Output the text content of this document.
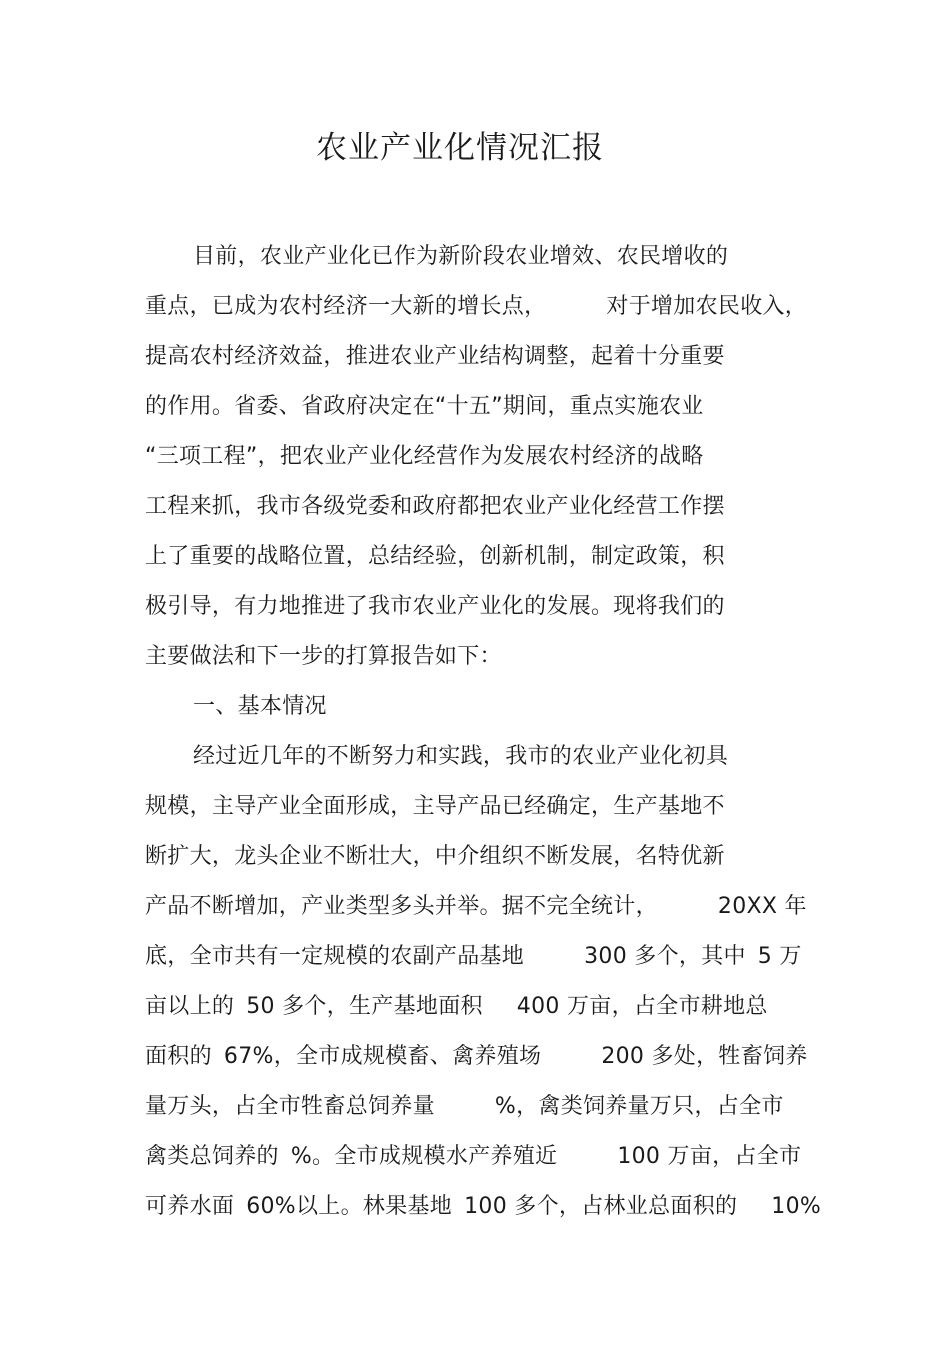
农业产业化情况汇报
目前，农业产业化已作为新阶段农业增效、农民增收的
重点，已成为农村经济一大新的增长点，	对于增加农民收入，
提高农村经济效益，推进农业产业结构调整，起着十分重要
的作用。省委、省政府决定在“十五”期间，重点实施农业
“三项工程”，把农业产业化经营作为发展农村经济的战略
工程来抓，我市各级党委和政府都把农业产业化经营工作摆
上了重要的战略位置，总结经验，创新机制，制定政策，积
极引导，有力地推进了我市农业产业化的发展。现将我们的
主要做法和下一步的打算报告如下：
一、基本情况
经过近几年的不断努力和实践，我市的农业产业化初具
规模，主导产业全面形成，主导产品已经确定，生产基地不
断扩大，龙头企业不断壮大，中介组织不断发展，名特优新
产品不断增加，产业类型多头并举。据不完全统计，	20XX 年
底，全市共有一定规模的农副产品基地	300 多个，其中 5 万
亩以上的 50 多个，生产基地面积 400 万亩，占全市耕地总
面积的 67%，全市成规模畜、禽养殖场	200 多处，牲畜饲养
量万头，占全市牲畜总饲养量	%，禽类饲养量万只，占全市
禽类总饲养的 %。全市成规模水产养殖近	100 万亩，占全市
可养水面 60%以上。林果基地 100 多个，占林业总面积的 10%
